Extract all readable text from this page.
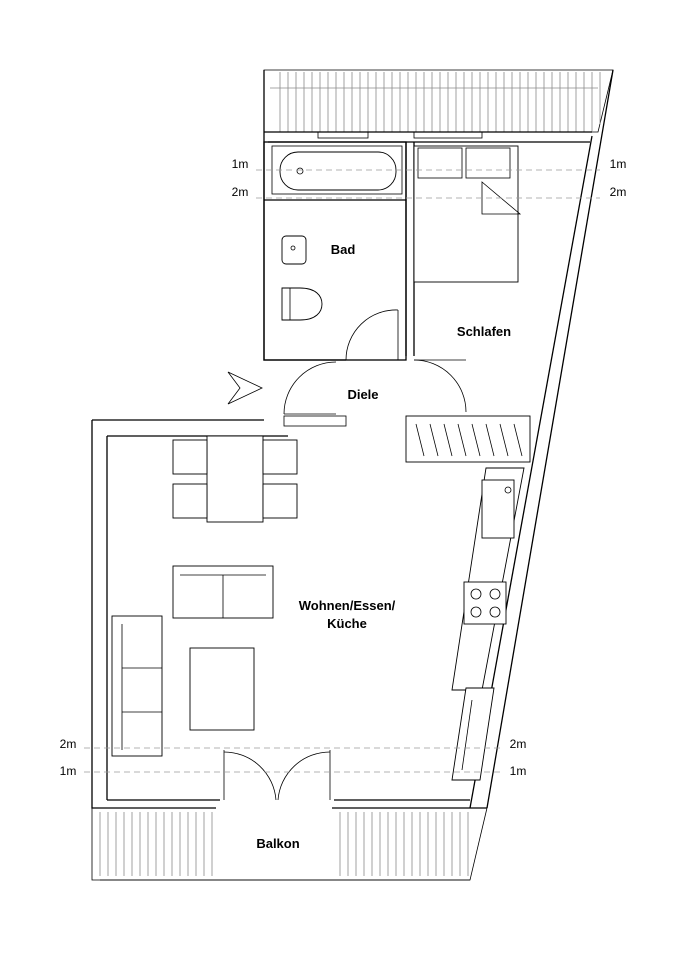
Bad
Schlafen
Diele
Wohnen/Essen/
Küche
Balkon
1m
2m
1m
2m
2m
1m
2m
1m
